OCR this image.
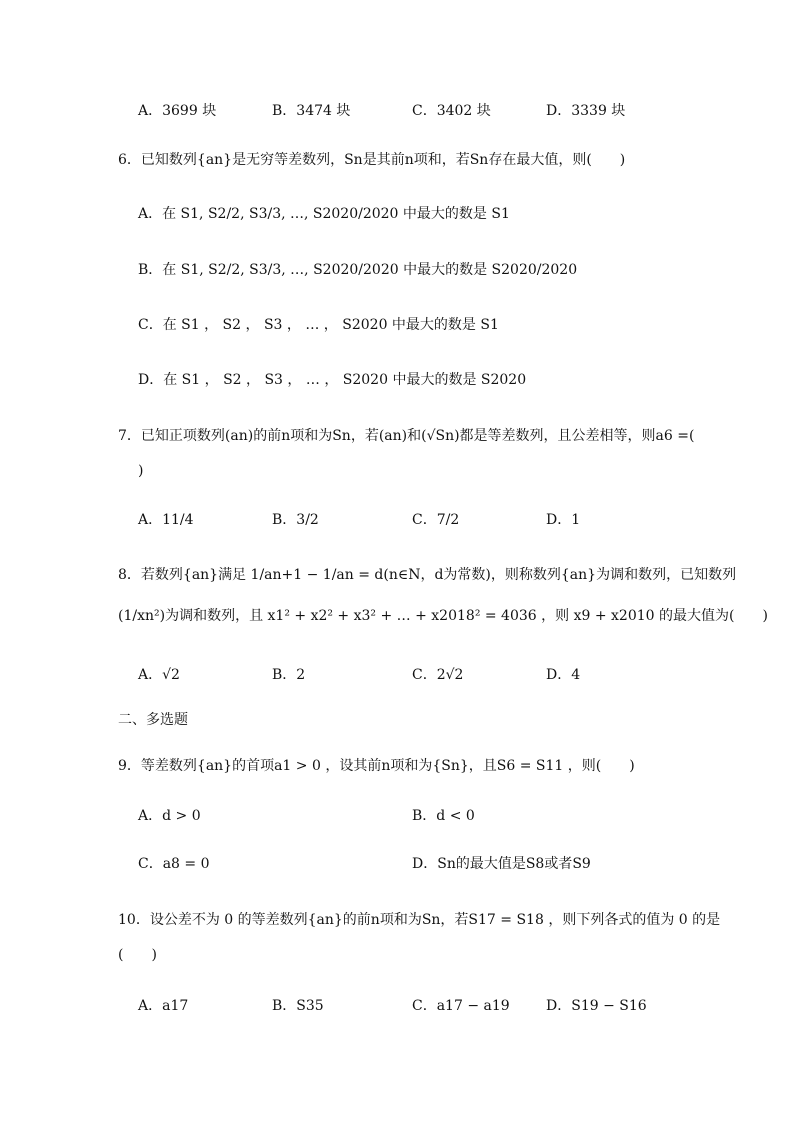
A．3699 块	B．3474 块	C．3402 块	D．3339 块
6．已知数列{an}是无穷等差数列，Sn是其前n项和，若Sn存在最大值，则(　　)
A．在 S1, S2/2, S3/3, …, S2020/2020 中最大的数是 S1
B．在 S1, S2/2, S3/3, …, S2020/2020 中最大的数是 S2020/2020
C．在 S1 ， S2 ， S3 ， … ， S2020 中最大的数是 S1
D．在 S1 ， S2 ， S3 ， … ， S2020 中最大的数是 S2020
7．已知正项数列(an)的前n项和为Sn，若(an)和(√Sn)都是等差数列，且公差相等，则a6 =(
)
A．11/4	B．3/2	C．7/2	D．1
8．若数列{an}满足 1/an+1 − 1/an = d(n∈N，d为常数)，则称数列{an}为调和数列，已知数列
(1/xn²)为调和数列，且 x1² + x2² + x3² + … + x2018² = 4036 ，则 x9 + x2010 的最大值为(　　)
A．√2	B．2	C．2√2	D．4
二、多选题
9．等差数列{an}的首项a1 > 0 ，设其前n项和为{Sn}，且S6 = S11 ，则(　　)
A．d > 0	B．d < 0
C．a8 = 0	D．Sn的最大值是S8或者S9
10．设公差不为 0 的等差数列{an}的前n项和为Sn，若S17 = S18 ，则下列各式的值为 0 的是
(　　)
A．a17	B．S35	C．a17 − a19	D．S19 − S16
